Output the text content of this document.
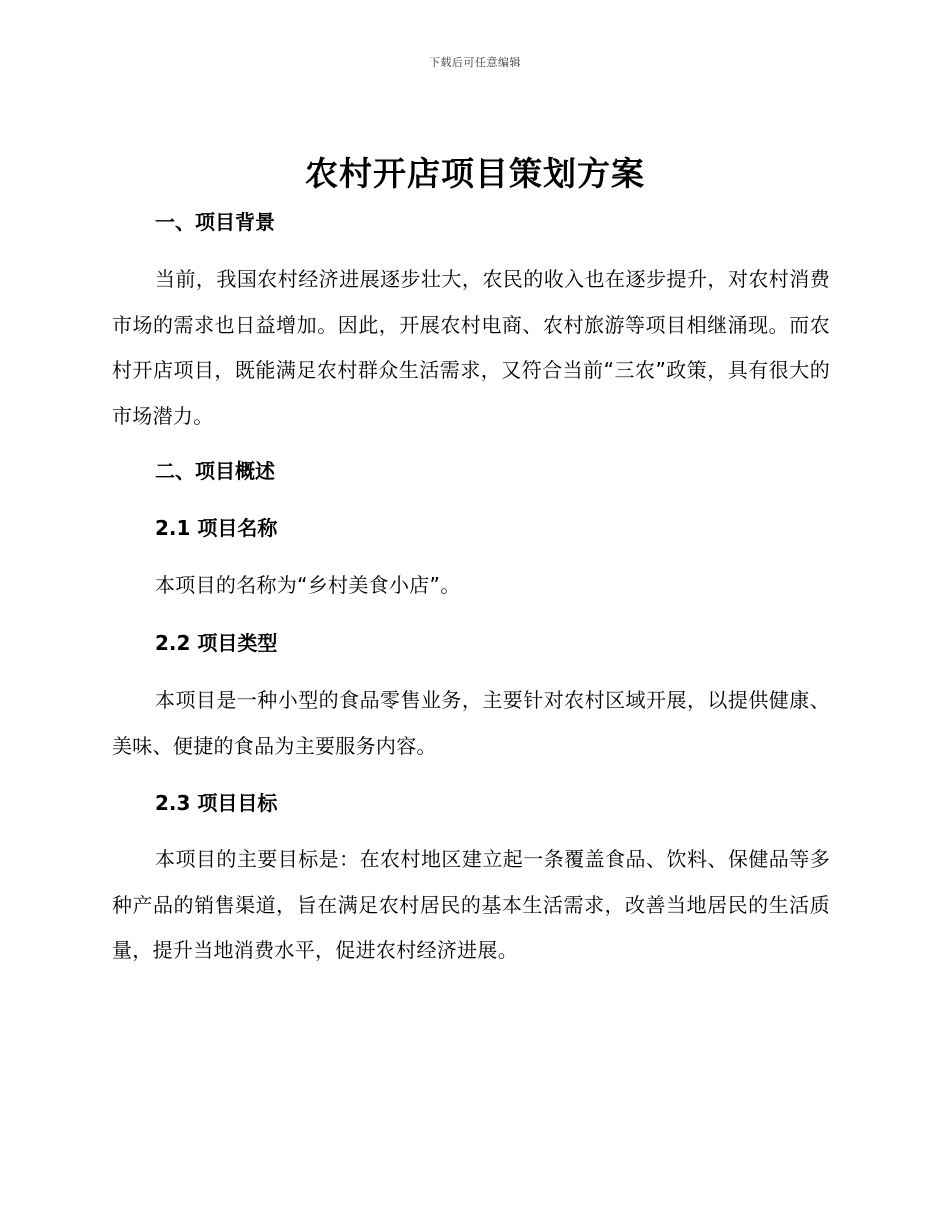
下载后可任意编辑
农村开店项目策划方案
一、项目背景

当前，我国农村经济进展逐步壮大，农民的收入也在逐步提升，对农村消费市场的需求也日益增加。因此，开展农村电商、农村旅游等项目相继涌现。而农村开店项目，既能满足农村群众生活需求，又符合当前“三农”政策，具有很大的市场潜力。

二、项目概述
2.1 项目名称

本项目的名称为“乡村美食小店”。

2.2 项目类型

本项目是一种小型的食品零售业务，主要针对农村区域开展，以提供健康、美味、便捷的食品为主要服务内容。

2.3 项目目标

本项目的主要目标是：在农村地区建立起一条覆盖食品、饮料、保健品等多种产品的销售渠道，旨在满足农村居民的基本生活需求，改善当地居民的生活质量，提升当地消费水平，促进农村经济进展。
